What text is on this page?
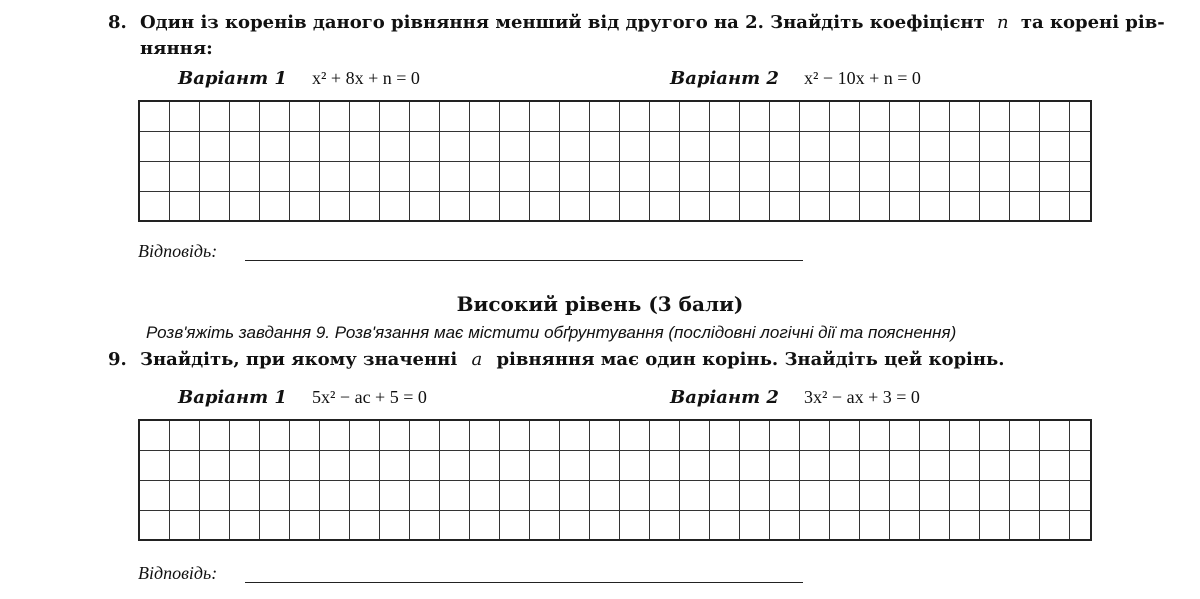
8. Один із коренів даного рівняння менший від другого на 2. Знайдіть коефіцієнт n та корені рів-
няння:
Варіант 1 x² + 8x + n = 0	Варіант 2 x² − 10x + n = 0
Відповідь:
Високий рівень (3 бали)
Розв'яжіть завдання 9. Розв'язання має містити обґрунтування (послідовні логічні дії та пояснення)
9. Знайдіть, при якому значенні a рівняння має один корінь. Знайдіть цей корінь.
Варіант 1 5x² − ac + 5 = 0	Варіант 2 3x² − ax + 3 = 0
Відповідь:
